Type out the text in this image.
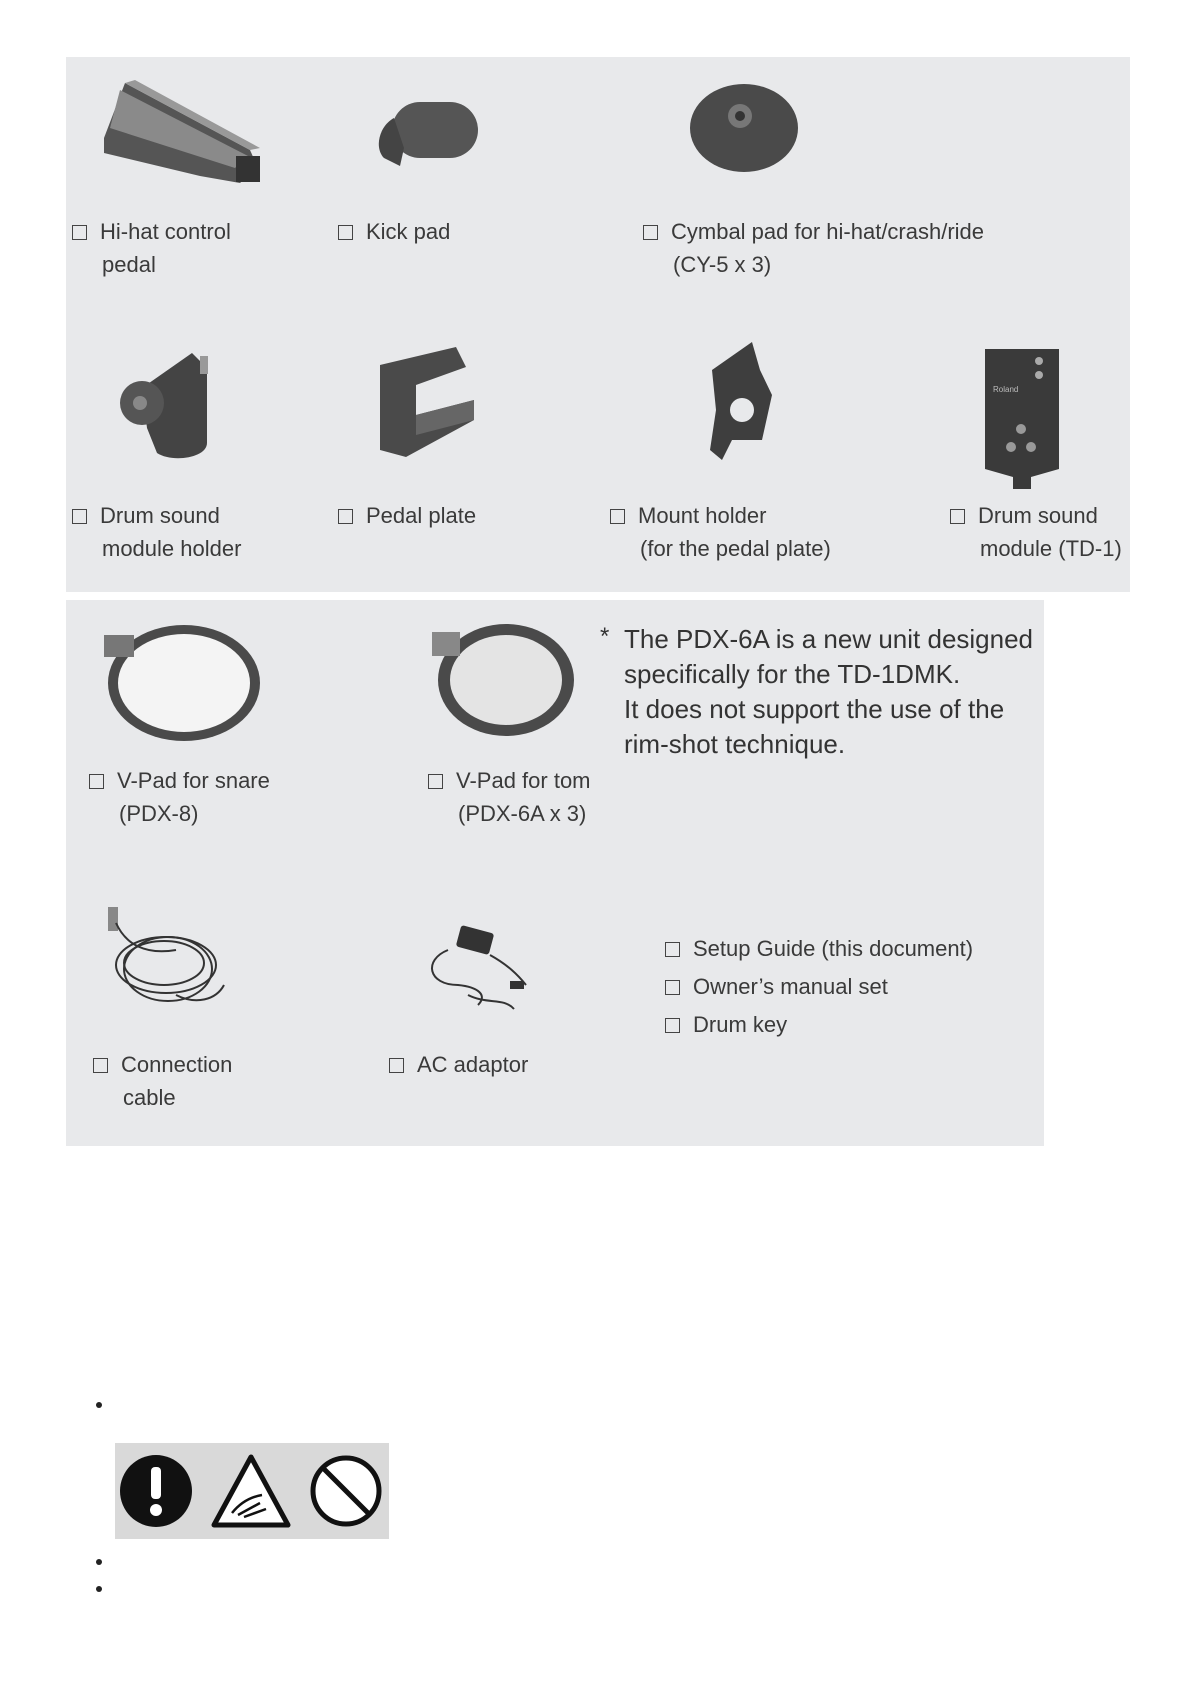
Hi-hat control
pedal
Kick pad	Cymbal pad for hi-hat/crash/ride
(CY-5 x 3)
Drum sound
module holder
Pedal plate	Mount holder
(for the pedal plate)
Roland
Drum sound
module (TD-1)
V-Pad for snare
(PDX-8)
V-Pad for tom
(PDX-6A x 3)
* The PDX-6A is a new unit designed
specifically for the TD-1DMK.
It does not support the use of the
rim-shot technique.
Connection
cable
AC adaptor
Setup Guide (this document)
Owner’s manual set
Drum key
